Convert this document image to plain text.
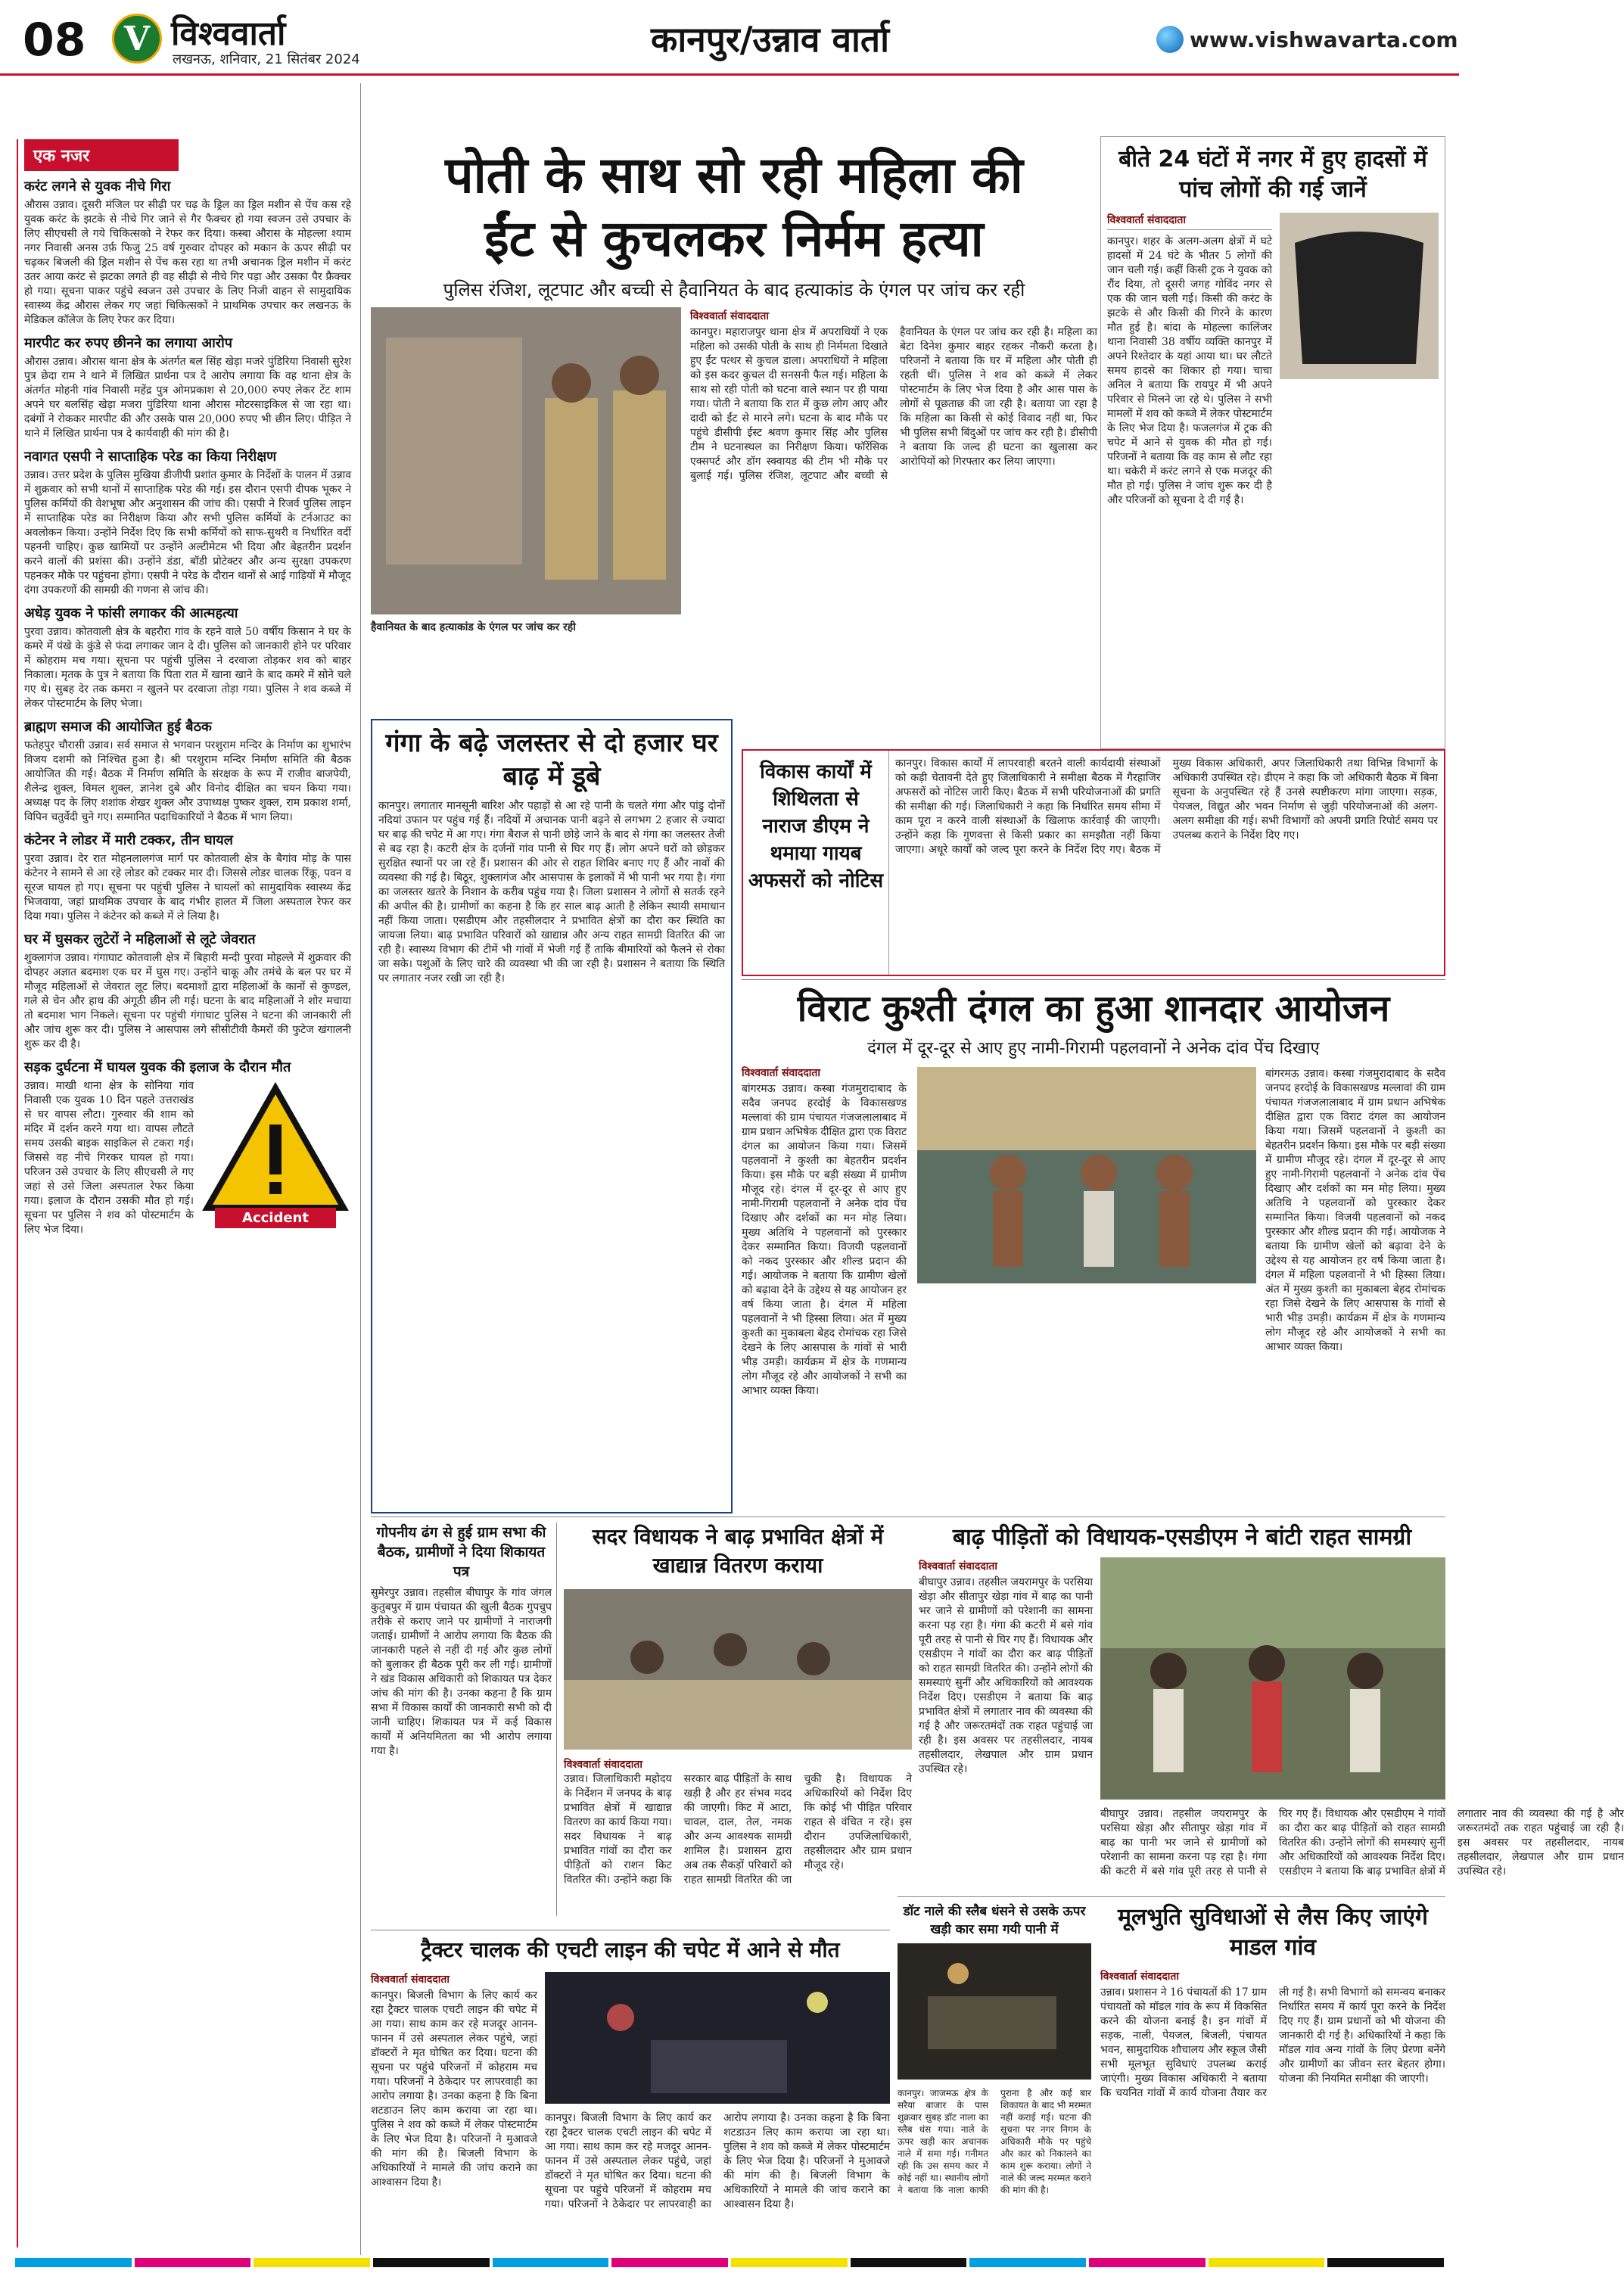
08	V विश्ववार्ता
लखनऊ, शनिवार, 21 सितंबर 2024	कानपुर/उन्नाव वार्ता	www.vishwavarta.com
एक नजर
करंट लगने से युवक नीचे गिरा
औरास उन्नाव। दूसरी मंजिल पर सीढ़ी पर चढ़ के ड्रिल का ड्रिल मशीन से पेंच कस रहे युवक करंट के झटके से नीचे गिर जाने से गैर फैक्चर हो गया स्वजन उसे उपचार के लिए सीएचसी ले गये चिकित्सको ने रेफर कर दिया। कस्बा औरास के मोहल्ला श्याम नगर निवासी अनस उर्फ़ फिजु 25 वर्ष गुरुवार दोपहर को मकान के ऊपर सीढ़ी पर चढ़कर बिजली की ड्रिल मशीन से पेंच कस रहा था तभी अचानक ड्रिल मशीन में करंट उतर आया करंट से झटका लगते ही वह सीढ़ी से नीचे गिर पड़ा और उसका पैर फ्रैक्चर हो गया। सूचना पाकर पहुंचे स्वजन उसे उपचार के लिए निजी वाहन से सामुदायिक स्वास्थ्य केंद्र औरास लेकर गए जहां चिकित्सकों ने प्राथमिक उपचार कर लखनऊ के मेडिकल कॉलेज के लिए रेफर कर दिया।
मारपीट कर रुपए छीनने का लगाया आरोप
औरास उन्नाव। औरास थाना क्षेत्र के अंतर्गत बल सिंह खेड़ा मजरे पुंडिरिया निवासी सुरेश पुत्र छेदा राम ने थाने में लिखित प्रार्थना पत्र दे आरोप लगाया कि वह थाना क्षेत्र के अंतर्गत मोहनी गांव निवासी महेंद्र पुत्र ओमप्रकाश से 20,000 रुपए लेकर टेंट शाम अपने घर बलसिंह खेड़ा मजरा पुंडिरिया थाना औरास मोटरसाइकिल से जा रहा था। दबंगों ने रोककर मारपीट की और उसके पास 20,000 रुपए भी छीन लिए। पीड़ित ने थाने में लिखित प्रार्थना पत्र दे कार्यवाही की मांग की है।
नवागत एसपी ने साप्ताहिक परेड का किया निरीक्षण
उन्नाव। उत्तर प्रदेश के पुलिस मुखिया डीजीपी प्रशांत कुमार के निर्देशों के पालन में उन्नाव में शुक्रवार को सभी थानों में साप्ताहिक परेड की गई। इस दौरान एसपी दीपक भूकर ने पुलिस कर्मियों की वेशभूषा और अनुशासन की जांच की। एसपी ने रिजर्व पुलिस लाइन में साप्ताहिक परेड का निरीक्षण किया और सभी पुलिस कर्मियों के टर्नआउट का अवलोकन किया। उन्होंने निर्देश दिए कि सभी कर्मियों को साफ-सुथरी व निर्धारित वर्दी पहननी चाहिए। कुछ खामियों पर उन्होंने अल्टीमेटम भी दिया और बेहतरीन प्रदर्शन करने वालों की प्रशंसा की। उन्होंने डंडा, बॉडी प्रोटेक्टर और अन्य सुरक्षा उपकरण पहनकर मौके पर पहुंचना होगा। एसपी ने परेड के दौरान थानों से आई गाड़ियों में मौजूद दंगा उपकरणों की सामग्री की गणना से जांच की।
अधेड़ युवक ने फांसी लगाकर की आत्महत्या
पुरवा उन्नाव। कोतवाली क्षेत्र के बहरौरा गांव के रहने वाले 50 वर्षीय किसान ने घर के कमरे में पंखे के कुंडे से फंदा लगाकर जान दे दी। पुलिस को जानकारी होने पर परिवार में कोहराम मच गया। सूचना पर पहुंची पुलिस ने दरवाजा तोड़कर शव को बाहर निकाला। मृतक के पुत्र ने बताया कि पिता रात में खाना खाने के बाद कमरे में सोने चले गए थे। सुबह देर तक कमरा न खुलने पर दरवाजा तोड़ा गया। पुलिस ने शव कब्जे में लेकर पोस्टमार्टम के लिए भेजा।
ब्राह्मण समाज की आयोजित हुई बैठक
फतेहपुर चौरासी उन्नाव। सर्व समाज से भगवान परशुराम मन्दिर के निर्माण का शुभारंभ विजय दशमी को निश्चित हुआ है। श्री परशुराम मन्दिर निर्माण समिति की बैठक आयोजित की गई। बैठक में निर्माण समिति के संरक्षक के रूप में राजीव बाजपेयी, शैलेन्द्र शुक्ल, विमल शुक्ल, ज्ञानेश दुबे और विनोद दीक्षित का चयन किया गया। अध्यक्ष पद के लिए शशांक शेखर शुक्ल और उपाध्यक्ष पुष्कर शुक्ल, राम प्रकाश शर्मा, विपिन चतुर्वेदी चुने गए। सम्मानित पदाधिकारियों ने बैठक में भाग लिया।
कंटेनर ने लोडर में मारी टक्कर, तीन घायल
पुरवा उन्नाव। देर रात मोहनलालगंज मार्ग पर कोतवाली क्षेत्र के बैगांव मोड़ के पास कंटेनर ने सामने से आ रहे लोडर को टक्कर मार दी। जिससे लोडर चालक रिंकू, पवन व सूरज घायल हो गए। सूचना पर पहुंची पुलिस ने घायलों को सामुदायिक स्वास्थ्य केंद्र भिजवाया, जहां प्राथमिक उपचार के बाद गंभीर हालत में जिला अस्पताल रेफर कर दिया गया। पुलिस ने कंटेनर को कब्जे में ले लिया है।
घर में घुसकर लुटेरों ने महिलाओं से लूटे जेवरात
शुक्लागंज उन्नाव। गंगाघाट कोतवाली क्षेत्र में बिहारी मन्दी पुरवा मोहल्ले में शुक्रवार की दोपहर अज्ञात बदमाश एक घर में घुस गए। उन्होंने चाकू और तमंचे के बल पर घर में मौजूद महिलाओं से जेवरात लूट लिए। बदमाशों द्वारा महिलाओं के कानों से कुण्डल, गले से चेन और हाथ की अंगूठी छीन ली गई। घटना के बाद महिलाओं ने शोर मचाया तो बदमाश भाग निकले। सूचना पर पहुंची गंगाघाट पुलिस ने घटना की जानकारी ली और जांच शुरू कर दी। पुलिस ने आसपास लगे सीसीटीवी कैमरों की फुटेज खंगालनी शुरू कर दी है।
सड़क दुर्घटना में घायल युवक की इलाज के दौरान मौत
उन्नाव। माखी थाना क्षेत्र के सोनिया गांव निवासी एक युवक 10 दिन पहले उत्तराखंड से घर वापस लौटा। गुरुवार की शाम को मंदिर में दर्शन करने गया था। वापस लौटते समय उसकी बाइक साइकिल से टकरा गई। जिससे वह नीचे गिरकर घायल हो गया। परिजन उसे उपचार के लिए सीएचसी ले गए जहां से उसे जिला अस्पताल रेफर किया गया। इलाज के दौरान उसकी मौत हो गई। सूचना पर पुलिस ने शव को पोस्टमार्टम के लिए भेज दिया।
Accident
पोती के साथ सो रही महिला की
ईंट से कुचलकर निर्मम हत्या
पुलिस रंजिश, लूटपाट और बच्ची से हैवानियत के बाद हत्याकांड के एंगल पर जांच कर रही
विश्ववार्ता संवाददाता
हैवानियत के बाद हत्याकांड के एंगल पर जांच कर रही
कानपुर। महाराजपुर थाना क्षेत्र में अपराधियों ने एक महिला को उसकी पोती के साथ ही निर्ममता दिखाते हुए ईंट पत्थर से कुचल डाला। अपराधियों ने महिला को इस कदर कुचल दी सनसनी फैल गई। महिला के साथ सो रही पोती को घटना वाले स्थान पर ही पाया गया। पोती ने बताया कि रात में कुछ लोग आए और दादी को ईंट से मारने लगे। घटना के बाद मौके पर पहुंचे डीसीपी ईस्ट श्रवण कुमार सिंह और पुलिस टीम ने घटनास्थल का निरीक्षण किया। फॉरेंसिक एक्सपर्ट और डॉग स्क्वायड की टीम भी मौके पर बुलाई गई। पुलिस रंजिश, लूटपाट और बच्ची से हैवानियत के एंगल पर जांच कर रही है। महिला का बेटा दिनेश कुमार बाहर रहकर नौकरी करता है। परिजनों ने बताया कि घर में महिला और पोती ही रहती थीं। पुलिस ने शव को कब्जे में लेकर पोस्टमार्टम के लिए भेज दिया है और आस पास के लोगों से पूछताछ की जा रही है। बताया जा रहा है कि महिला का किसी से कोई विवाद नहीं था, फिर भी पुलिस सभी बिंदुओं पर जांच कर रही है। डीसीपी ने बताया कि जल्द ही घटना का खुलासा कर आरोपियों को गिरफ्तार कर लिया जाएगा।
बीते 24 घंटों में नगर में हुए हादसों में पांच लोगों की गई जानें
विश्ववार्ता संवाददाता
कानपुर। शहर के अलग-अलग क्षेत्रों में घटे हादसों में 24 घंटे के भीतर 5 लोगों की जान चली गई। कहीं किसी ट्रक ने युवक को रौंद दिया, तो दूसरी जगह गोविंद नगर से एक की जान चली गई। किसी की करंट के झटके से और किसी की गिरने के कारण मौत हुई है। बांदा के मोहल्ला कालिंजर थाना निवासी 38 वर्षीय व्यक्ति कानपुर में अपने रिश्तेदार के यहां आया था। घर लौटते समय हादसे का शिकार हो गया। चाचा अनिल ने बताया कि रायपुर में भी अपने परिवार से मिलने जा रहे थे। पुलिस ने सभी मामलों में शव को कब्जे में लेकर पोस्टमार्टम के लिए भेज दिया है। फजलगंज में ट्रक की चपेट में आने से युवक की मौत हो गई। परिजनों ने बताया कि वह काम से लौट रहा था। चकेरी में करंट लगने से एक मजदूर की मौत हो गई। पुलिस ने जांच शुरू कर दी है और परिजनों को सूचना दे दी गई है।
गंगा के बढ़े जलस्तर से दो हजार घर बाढ़ में डूबे
कानपुर। लगातार मानसूनी बारिश और पहाड़ों से आ रहे पानी के चलते गंगा और पांडु दोनों नदियां उफान पर पहुंच गई हैं। नदियों में अचानक पानी बढ़ने से लगभग 2 हजार से ज्यादा घर बाढ़ की चपेट में आ गए। गंगा बैराज से पानी छोड़े जाने के बाद से गंगा का जलस्तर तेजी से बढ़ रहा है। कटरी क्षेत्र के दर्जनों गांव पानी से घिर गए हैं। लोग अपने घरों को छोड़कर सुरक्षित स्थानों पर जा रहे हैं। प्रशासन की ओर से राहत शिविर बनाए गए हैं और नावों की व्यवस्था की गई है। बिठूर, शुक्लागंज और आसपास के इलाकों में भी पानी भर गया है। गंगा का जलस्तर खतरे के निशान के करीब पहुंच गया है। जिला प्रशासन ने लोगों से सतर्क रहने की अपील की है। ग्रामीणों का कहना है कि हर साल बाढ़ आती है लेकिन स्थायी समाधान नहीं किया जाता। एसडीएम और तहसीलदार ने प्रभावित क्षेत्रों का दौरा कर स्थिति का जायजा लिया। बाढ़ प्रभावित परिवारों को खाद्यान्न और अन्य राहत सामग्री वितरित की जा रही है। स्वास्थ्य विभाग की टीमें भी गांवों में भेजी गई हैं ताकि बीमारियों को फैलने से रोका जा सके। पशुओं के लिए चारे की व्यवस्था भी की जा रही है। प्रशासन ने बताया कि स्थिति पर लगातार नजर रखी जा रही है।
विकास कार्यों में शिथिलता से नाराज डीएम ने थमाया गायब अफसरों को नोटिस
कानपुर। विकास कार्यों में लापरवाही बरतने वाली कार्यदायी संस्थाओं को कड़ी चेतावनी देते हुए जिलाधिकारी ने समीक्षा बैठक में गैरहाजिर अफसरों को नोटिस जारी किए। बैठक में सभी परियोजनाओं की प्रगति की समीक्षा की गई। जिलाधिकारी ने कहा कि निर्धारित समय सीमा में काम पूरा न करने वाली संस्थाओं के खिलाफ कार्रवाई की जाएगी। उन्होंने कहा कि गुणवत्ता से किसी प्रकार का समझौता नहीं किया जाएगा। अधूरे कार्यों को जल्द पूरा करने के निर्देश दिए गए। बैठक में मुख्य विकास अधिकारी, अपर जिलाधिकारी तथा विभिन्न विभागों के अधिकारी उपस्थित रहे। डीएम ने कहा कि जो अधिकारी बैठक में बिना सूचना के अनुपस्थित रहे हैं उनसे स्पष्टीकरण मांगा जाएगा। सड़क, पेयजल, विद्युत और भवन निर्माण से जुड़ी परियोजनाओं की अलग-अलग समीक्षा की गई। सभी विभागों को अपनी प्रगति रिपोर्ट समय पर उपलब्ध कराने के निर्देश दिए गए।
विराट कुश्ती दंगल का हुआ शानदार आयोजन
दंगल में दूर-दूर से आए हुए नामी-गिरामी पहलवानों ने अनेक दांव पेंच दिखाए
विश्ववार्ता संवाददाता
बांगरमऊ उन्नाव। कस्बा गंजमुरादाबाद के सदैव जनपद हरदोई के विकासखण्ड मल्लावां की ग्राम पंचायत गंजजलालाबाद में ग्राम प्रधान अभिषेक दीक्षित द्वारा एक विराट दंगल का आयोजन किया गया। जिसमें पहलवानों ने कुश्ती का बेहतरीन प्रदर्शन किया। इस मौके पर बड़ी संख्या में ग्रामीण मौजूद रहे। दंगल में दूर-दूर से आए हुए नामी-गिरामी पहलवानों ने अनेक दांव पेंच दिखाए और दर्शकों का मन मोह लिया। मुख्य अतिथि ने पहलवानों को पुरस्कार देकर सम्मानित किया। विजयी पहलवानों को नकद पुरस्कार और शील्ड प्रदान की गई। आयोजक ने बताया कि ग्रामीण खेलों को बढ़ावा देने के उद्देश्य से यह आयोजन हर वर्ष किया जाता है। दंगल में महिला पहलवानों ने भी हिस्सा लिया। अंत में मुख्य कुश्ती का मुकाबला बेहद रोमांचक रहा जिसे देखने के लिए आसपास के गांवों से भारी भीड़ उमड़ी। कार्यक्रम में क्षेत्र के गणमान्य लोग मौजूद रहे और आयोजकों ने सभी का आभार व्यक्त किया।
बांगरमऊ उन्नाव। कस्बा गंजमुरादाबाद के सदैव जनपद हरदोई के विकासखण्ड मल्लावां की ग्राम पंचायत गंजजलालाबाद में ग्राम प्रधान अभिषेक दीक्षित द्वारा एक विराट दंगल का आयोजन किया गया। जिसमें पहलवानों ने कुश्ती का बेहतरीन प्रदर्शन किया। इस मौके पर बड़ी संख्या में ग्रामीण मौजूद रहे। दंगल में दूर-दूर से आए हुए नामी-गिरामी पहलवानों ने अनेक दांव पेंच दिखाए और दर्शकों का मन मोह लिया। मुख्य अतिथि ने पहलवानों को पुरस्कार देकर सम्मानित किया। विजयी पहलवानों को नकद पुरस्कार और शील्ड प्रदान की गई। आयोजक ने बताया कि ग्रामीण खेलों को बढ़ावा देने के उद्देश्य से यह आयोजन हर वर्ष किया जाता है। दंगल में महिला पहलवानों ने भी हिस्सा लिया। अंत में मुख्य कुश्ती का मुकाबला बेहद रोमांचक रहा जिसे देखने के लिए आसपास के गांवों से भारी भीड़ उमड़ी। कार्यक्रम में क्षेत्र के गणमान्य लोग मौजूद रहे और आयोजकों ने सभी का आभार व्यक्त किया।
गोपनीय ढंग से हुई ग्राम सभा की बैठक, ग्रामीणों ने दिया शिकायत पत्र
सुमेरपुर उन्नाव। तहसील बीघापुर के गांव जंगल कुतुबपुर में ग्राम पंचायत की खुली बैठक गुपचुप तरीके से कराए जाने पर ग्रामीणों ने नाराजगी जताई। ग्रामीणों ने आरोप लगाया कि बैठक की जानकारी पहले से नहीं दी गई और कुछ लोगों को बुलाकर ही बैठक पूरी कर ली गई। ग्रामीणों ने खंड विकास अधिकारी को शिकायत पत्र देकर जांच की मांग की है। उनका कहना है कि ग्राम सभा में विकास कार्यों की जानकारी सभी को दी जानी चाहिए। शिकायत पत्र में कई विकास कार्यों में अनियमितता का भी आरोप लगाया गया है।
सदर विधायक ने बाढ़ प्रभावित क्षेत्रों में खाद्यान्न वितरण कराया
विश्ववार्ता संवाददाता
उन्नाव। जिलाधिकारी महोदय के निर्देशन में जनपद के बाढ़ प्रभावित क्षेत्रों में खाद्यान्न वितरण का कार्य किया गया। सदर विधायक ने बाढ़ प्रभावित गांवों का दौरा कर पीड़ितों को राशन किट वितरित की। उन्होंने कहा कि सरकार बाढ़ पीड़ितों के साथ खड़ी है और हर संभव मदद की जाएगी। किट में आटा, चावल, दाल, तेल, नमक और अन्य आवश्यक सामग्री शामिल है। प्रशासन द्वारा अब तक सैकड़ों परिवारों को राहत सामग्री वितरित की जा चुकी है। विधायक ने अधिकारियों को निर्देश दिए कि कोई भी पीड़ित परिवार राहत से वंचित न रहे। इस दौरान उपजिलाधिकारी, तहसीलदार और ग्राम प्रधान मौजूद रहे।
बाढ़ पीड़ितों को विधायक-एसडीएम ने बांटी राहत सामग्री
विश्ववार्ता संवाददाता
बीघापुर उन्नाव। तहसील जयरामपुर के परसिया खेड़ा और सीतापुर खेड़ा गांव में बाढ़ का पानी भर जाने से ग्रामीणों को परेशानी का सामना करना पड़ रहा है। गंगा की कटरी में बसे गांव पूरी तरह से पानी से घिर गए हैं। विधायक और एसडीएम ने गांवों का दौरा कर बाढ़ पीड़ितों को राहत सामग्री वितरित की। उन्होंने लोगों की समस्याएं सुनीं और अधिकारियों को आवश्यक निर्देश दिए। एसडीएम ने बताया कि बाढ़ प्रभावित क्षेत्रों में लगातार नाव की व्यवस्था की गई है और जरूरतमंदों तक राहत पहुंचाई जा रही है। इस अवसर पर तहसीलदार, नायब तहसीलदार, लेखपाल और ग्राम प्रधान उपस्थित रहे।
बीघापुर उन्नाव। तहसील जयरामपुर के परसिया खेड़ा और सीतापुर खेड़ा गांव में बाढ़ का पानी भर जाने से ग्रामीणों को परेशानी का सामना करना पड़ रहा है। गंगा की कटरी में बसे गांव पूरी तरह से पानी से घिर गए हैं। विधायक और एसडीएम ने गांवों का दौरा कर बाढ़ पीड़ितों को राहत सामग्री वितरित की। उन्होंने लोगों की समस्याएं सुनीं और अधिकारियों को आवश्यक निर्देश दिए। एसडीएम ने बताया कि बाढ़ प्रभावित क्षेत्रों में लगातार नाव की व्यवस्था की गई है और जरूरतमंदों तक राहत पहुंचाई जा रही है। इस अवसर पर तहसीलदार, नायब तहसीलदार, लेखपाल और ग्राम प्रधान उपस्थित रहे।
ट्रैक्टर चालक की एचटी लाइन की चपेट में आने से मौत
विश्ववार्ता संवाददाता
कानपुर। बिजली विभाग के लिए कार्य कर रहा ट्रैक्टर चालक एचटी लाइन की चपेट में आ गया। साथ काम कर रहे मजदूर आनन-फानन में उसे अस्पताल लेकर पहुंचे, जहां डॉक्टरों ने मृत घोषित कर दिया। घटना की सूचना पर पहुंचे परिजनों में कोहराम मच गया। परिजनों ने ठेकेदार पर लापरवाही का आरोप लगाया है। उनका कहना है कि बिना शटडाउन लिए काम कराया जा रहा था। पुलिस ने शव को कब्जे में लेकर पोस्टमार्टम के लिए भेज दिया है। परिजनों ने मुआवजे की मांग की है। बिजली विभाग के अधिकारियों ने मामले की जांच कराने का आश्वासन दिया है।
कानपुर। बिजली विभाग के लिए कार्य कर रहा ट्रैक्टर चालक एचटी लाइन की चपेट में आ गया। साथ काम कर रहे मजदूर आनन-फानन में उसे अस्पताल लेकर पहुंचे, जहां डॉक्टरों ने मृत घोषित कर दिया। घटना की सूचना पर पहुंचे परिजनों में कोहराम मच गया। परिजनों ने ठेकेदार पर लापरवाही का आरोप लगाया है। उनका कहना है कि बिना शटडाउन लिए काम कराया जा रहा था। पुलिस ने शव को कब्जे में लेकर पोस्टमार्टम के लिए भेज दिया है। परिजनों ने मुआवजे की मांग की है। बिजली विभाग के अधिकारियों ने मामले की जांच कराने का आश्वासन दिया है।
डॉट नाले की स्लैब धंसने से उसके ऊपर खड़ी कार समा गयी पानी में
कानपुर। जाजमऊ क्षेत्र के सरैया बाजार के पास शुक्रवार सुबह डॉट नाला का स्लैब धंस गया। नाले के ऊपर खड़ी कार अचानक नाले में समा गई। गनीमत रही कि उस समय कार में कोई नहीं था। स्थानीय लोगों ने बताया कि नाला काफी पुराना है और कई बार शिकायत के बाद भी मरम्मत नहीं कराई गई। घटना की सूचना पर नगर निगम के अधिकारी मौके पर पहुंचे और कार को निकालने का काम शुरू कराया। लोगों ने नाले की जल्द मरम्मत कराने की मांग की है।
मूलभुति सुविधाओं से लैस किए जाएंगे माडल गांव
विश्ववार्ता संवाददाता
उन्नाव। प्रशासन ने 16 पंचायतों की 17 ग्राम पंचायतों को मॉडल गांव के रूप में विकसित करने की योजना बनाई है। इन गांवों में सड़क, नाली, पेयजल, बिजली, पंचायत भवन, सामुदायिक शौचालय और स्कूल जैसी सभी मूलभूत सुविधाएं उपलब्ध कराई जाएंगी। मुख्य विकास अधिकारी ने बताया कि चयनित गांवों में कार्य योजना तैयार कर ली गई है। सभी विभागों को समन्वय बनाकर निर्धारित समय में कार्य पूरा करने के निर्देश दिए गए हैं। ग्राम प्रधानों को भी योजना की जानकारी दी गई है। अधिकारियों ने कहा कि मॉडल गांव अन्य गांवों के लिए प्रेरणा बनेंगे और ग्रामीणों का जीवन स्तर बेहतर होगा। योजना की नियमित समीक्षा की जाएगी।
